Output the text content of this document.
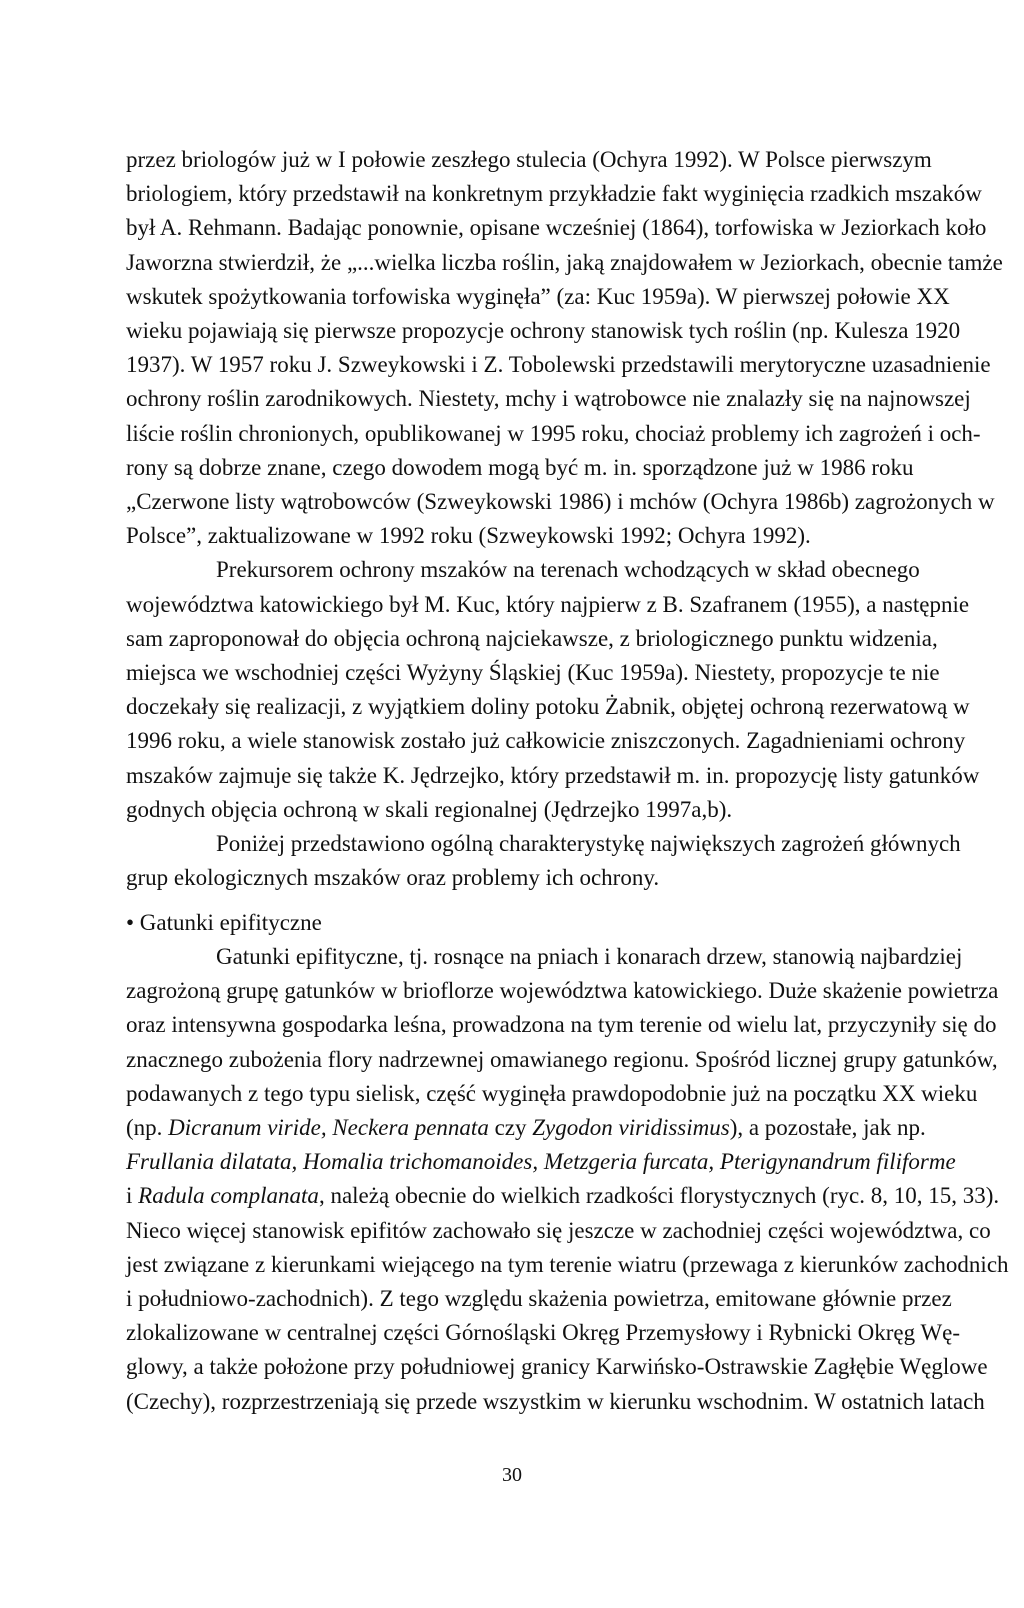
przez briologów już w I połowie zeszłego stulecia (Ochyra 1992). W Polsce pierwszym
briologiem, który przedstawił na konkretnym przykładzie fakt wyginięcia rzadkich mszaków
był A. Rehmann. Badając ponownie, opisane wcześniej (1864), torfowiska w Jeziorkach koło
Jaworzna stwierdził, że „...wielka liczba roślin, jaką znajdowałem w Jeziorkach, obecnie tamże
wskutek spożytkowania torfowiska wyginęła” (za: Kuc 1959a). W pierwszej połowie XX
wieku pojawiają się pierwsze propozycje ochrony stanowisk tych roślin (np. Kulesza 1920
1937). W 1957 roku J. Szweykowski i Z. Tobolewski przedstawili merytoryczne uzasadnienie
ochrony roślin zarodnikowych. Niestety, mchy i wątrobowce nie znalazły się na najnowszej
liście roślin chronionych, opublikowanej w 1995 roku, chociaż problemy ich zagrożeń i och-
rony są dobrze znane, czego dowodem mogą być m. in. sporządzone już w 1986 roku
„Czerwone listy wątrobowców (Szweykowski 1986) i mchów (Ochyra 1986b) zagrożonych w
Polsce”, zaktualizowane w 1992 roku (Szweykowski 1992; Ochyra 1992).
Prekursorem ochrony mszaków na terenach wchodzących w skład obecnego
województwa katowickiego był M. Kuc, który najpierw z B. Szafranem (1955), a następnie
sam zaproponował do objęcia ochroną najciekawsze, z briologicznego punktu widzenia,
miejsca we wschodniej części Wyżyny Śląskiej (Kuc 1959a). Niestety, propozycje te nie
doczekały się realizacji, z wyjątkiem doliny potoku Żabnik, objętej ochroną rezerwatową w
1996 roku, a wiele stanowisk zostało już całkowicie zniszczonych. Zagadnieniami ochrony
mszaków zajmuje się także K. Jędrzejko, który przedstawił m. in. propozycję listy gatunków
godnych objęcia ochroną w skali regionalnej (Jędrzejko 1997a,b).
Poniżej przedstawiono ogólną charakterystykę największych zagrożeń głównych
grup ekologicznych mszaków oraz problemy ich ochrony.
• Gatunki epifityczne
Gatunki epifityczne, tj. rosnące na pniach i konarach drzew, stanowią najbardziej
zagrożoną grupę gatunków w brioflorze województwa katowickiego. Duże skażenie powietrza
oraz intensywna gospodarka leśna, prowadzona na tym terenie od wielu lat, przyczyniły się do
znacznego zubożenia flory nadrzewnej omawianego regionu. Spośród licznej grupy gatunków,
podawanych z tego typu sielisk, część wyginęła prawdopodobnie już na początku XX wieku
(np. Dicranum viride, Neckera pennata czy Zygodon viridissimus), a pozostałe, jak np.
Frullania dilatata, Homalia trichomanoides, Metzgeria furcata, Pterigynandrum filiforme
i Radula complanata, należą obecnie do wielkich rzadkości florystycznych (ryc. 8, 10, 15, 33).
Nieco więcej stanowisk epifitów zachowało się jeszcze w zachodniej części województwa, co
jest związane z kierunkami wiejącego na tym terenie wiatru (przewaga z kierunków zachodnich
i południowo-zachodnich). Z tego względu skażenia powietrza, emitowane głównie przez
zlokalizowane w centralnej części Górnośląski Okręg Przemysłowy i Rybnicki Okręg Wę-
glowy, a także położone przy południowej granicy Karwińsko-Ostrawskie Zagłębie Węglowe
(Czechy), rozprzestrzeniają się przede wszystkim w kierunku wschodnim. W ostatnich latach
30
